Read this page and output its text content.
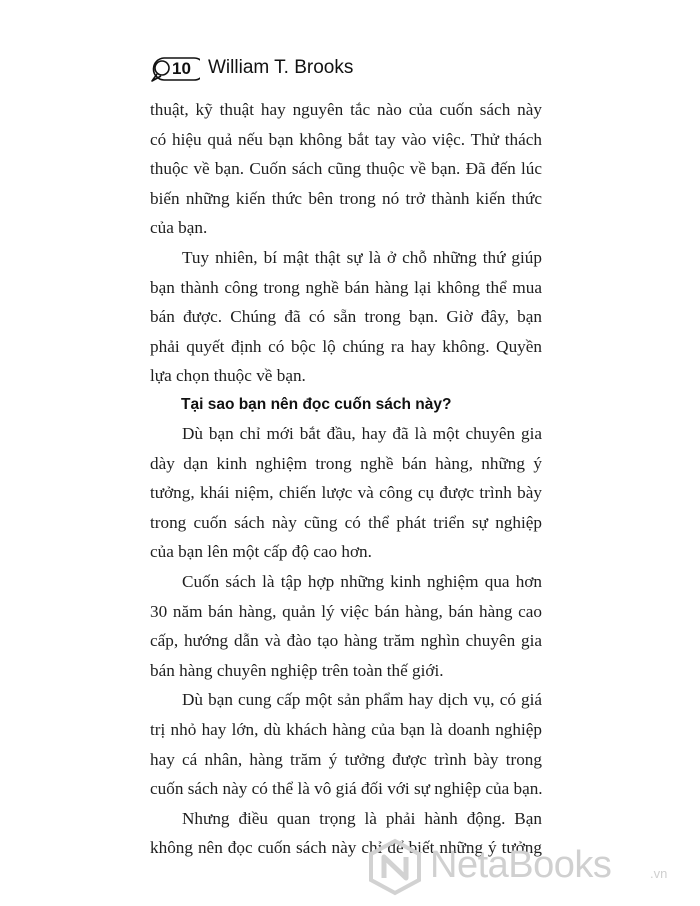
10 William T. Brooks
thuật, kỹ thuật hay nguyên tắc nào của cuốn sách này
có hiệu quả nếu bạn không bắt tay vào việc. Thử thách
thuộc về bạn. Cuốn sách cũng thuộc về bạn. Đã đến lúc
biến những kiến thức bên trong nó trở thành kiến thức
của bạn.
Tuy nhiên, bí mật thật sự là ở chỗ những thứ giúp
bạn thành công trong nghề bán hàng lại không thể mua
bán được. Chúng đã có sẵn trong bạn. Giờ đây, bạn
phải quyết định có bộc lộ chúng ra hay không. Quyền
lựa chọn thuộc về bạn.
Tại sao bạn nên đọc cuốn sách này?
Dù bạn chỉ mới bắt đầu, hay đã là một chuyên gia
dày dạn kinh nghiệm trong nghề bán hàng, những ý
tưởng, khái niệm, chiến lược và công cụ được trình bày
trong cuốn sách này cũng có thể phát triển sự nghiệp
của bạn lên một cấp độ cao hơn.
Cuốn sách là tập hợp những kinh nghiệm qua hơn
30 năm bán hàng, quản lý việc bán hàng, bán hàng cao
cấp, hướng dẫn và đào tạo hàng trăm nghìn chuyên gia
bán hàng chuyên nghiệp trên toàn thế giới.
Dù bạn cung cấp một sản phẩm hay dịch vụ, có giá
trị nhỏ hay lớn, dù khách hàng của bạn là doanh nghiệp
hay cá nhân, hàng trăm ý tưởng được trình bày trong
cuốn sách này có thể là vô giá đối với sự nghiệp của bạn.
Nhưng điều quan trọng là phải hành động. Bạn
không nên đọc cuốn sách này chỉ để biết những ý tưởng
NetaBooks	.vn
